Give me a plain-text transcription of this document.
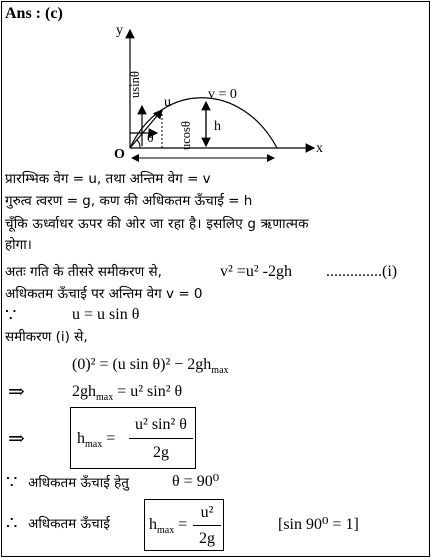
Ans : (c)
y
x
O
u
v = 0
h
θ
usinθ
ucosθ
प्रारम्भिक वेग = u, तथा अन्तिम वेग = v
गुरुत्व त्वरण = g, कण की अधिकतम ऊँचाई = h
चूँकि ऊर्ध्वाधर ऊपर की ओर जा रहा है। इसलिए g ऋणात्मक
होगा।
अतः गति के तीसरे समीकरण से,	v² =u² -2gh ..............(i)
अधिकतम ऊँचाई पर अन्तिम वेग v = 0
∵	u = u sin θ
समीकरण (i) से,
(0)² = (u $\sin \theta)^2 - 2gh_{max}$
⇒	$2gh_{max} = u^2$ sin² θ
⇒	$h_{max}$ =
u² sin² θ
2g
∵ अधिकतम ऊँचाई हेतु	θ = 90⁰
∴ अधिकतम ऊँचाई $h_{max}$ =
u²
2g
[sin 90⁰ = 1]
